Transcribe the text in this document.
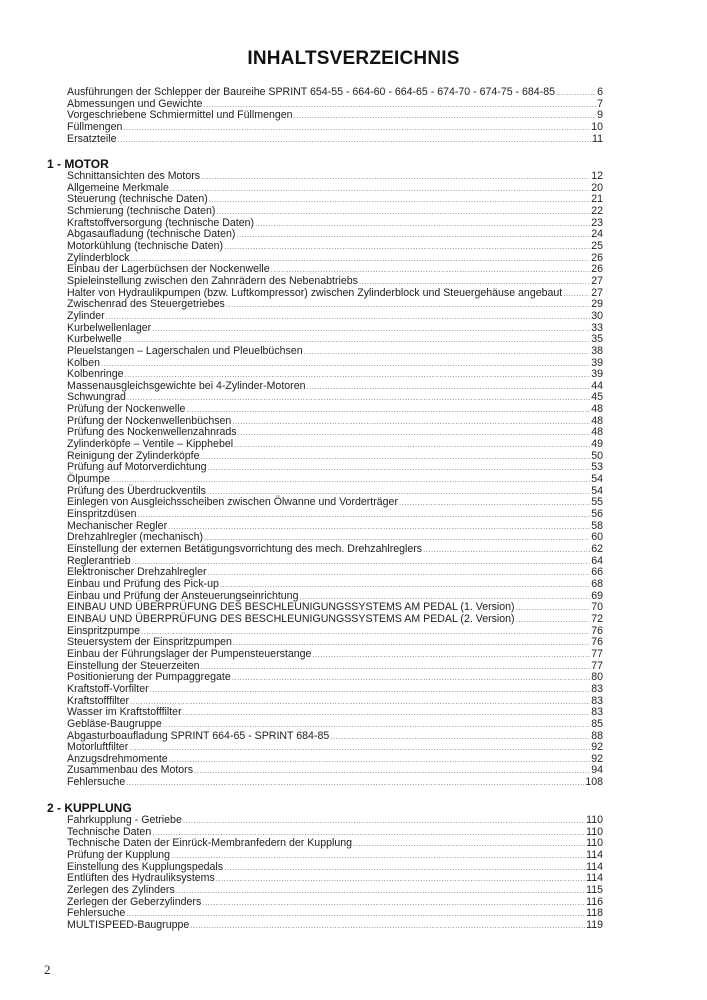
INHALTSVERZEICHNIS
Ausführungen der Schlepper der Baureihe SPRINT 654-55 - 664-60 - 664-65 - 674-70 - 674-75 - 684-85 .....	6
Abmessungen und Gewichte .....	7
Vorgeschriebene Schmiermittel und Füllmengen .....	9
Füllmengen .....	10
Ersatzteile .....	11
1 - MOTOR
Schnittansichten des Motors .....	12
Allgemeine Merkmale .....	20
Steuerung (technische Daten) .....	21
Schmierung (technische Daten) .....	22
Kraftstoffversorgung (technische Daten) .....	23
Abgasaufladung (technische Daten) .....	24
Motorkühlung (technische Daten) .....	25
Zylinderblock .....	26
Einbau der Lagerbüchsen der Nockenwelle .....	26
Spieleinstellung zwischen den Zahnrädern des Nebenabtriebs .....	27
Halter von Hydraulikpumpen (bzw. Luftkompressor) zwischen Zylinderblock und Steuergehäuse angebaut .....	27
Zwischenrad des Steuergetriebes .....	29
Zylinder .....	30
Kurbelwellenlager .....	33
Kurbelwelle .....	35
Pleuelstangen – Lagerschalen und Pleuelbüchsen .....	38
Kolben .....	39
Kolbenringe .....	39
Massenausgleichsgewichte bei 4-Zylinder-Motoren .....	44
Schwungrad .....	45
Prüfung der Nockenwelle .....	48
Prüfung der Nockenwellenbüchsen .....	48
Prüfung des Nockenwellenzahnrads .....	48
Zylinderköpfe – Ventile – Kipphebel .....	49
Reinigung der Zylinderköpfe .....	50
Prüfung auf Motorverdichtung .....	53
Ölpumpe .....	54
Prüfung des Überdruckventils .....	54
Einlegen von Ausgleichsscheiben zwischen Ölwanne und Vorderträger .....	55
Einspritzdüsen .....	56
Mechanischer Regler .....	58
Drehzahlregler (mechanisch) .....	60
Einstellung der externen Betätigungsvorrichtung des mech. Drehzahlreglers .....	62
Reglerantrieb .....	64
Elektronischer Drehzahlregler .....	66
Einbau und Prüfung des Pick-up .....	68
Einbau und Prüfung der Ansteuerungseinrichtung .....	69
EINBAU UND ÜBERPRÜFUNG DES BESCHLEUNIGUNGSSYSTEMS AM PEDAL (1. Version) .....	70
EINBAU UND ÜBERPRÜFUNG DES BESCHLEUNIGUNGSSYSTEMS AM PEDAL (2. Version) .....	72
Einspritzpumpe .....	76
Steuersystem der Einspritzpumpen .....	76
Einbau der Führungslager der Pumpensteuerstange .....	77
Einstellung der Steuerzeiten .....	77
Positionierung der Pumpaggregate .....	80
Kraftstoff-Vorfilter .....	83
Kraftstofffilter .....	83
Wasser im Kraftstofffilter .....	83
Gebläse-Baugruppe .....	85
Abgasturboaufladung SPRINT 664-65 - SPRINT 684-85 .....	88
Motorluftfilter .....	92
Anzugsdrehmomente .....	92
Zusammenbau des Motors .....	94
Fehlersuche .....	108
2 - KUPPLUNG
Fahrkupplung - Getriebe .....	110
Technische Daten .....	110
Technische Daten der Einrück-Membranfedern der Kupplung .....	110
Prüfung der Kupplung .....	114
Einstellung des Kupplungspedals .....	114
Entlüften des Hydrauliksystems .....	114
Zerlegen des Zylinders .....	115
Zerlegen der Geberzylinders .....	116
Fehlersuche .....	118
MULTISPEED-Baugruppe .....	119
2
